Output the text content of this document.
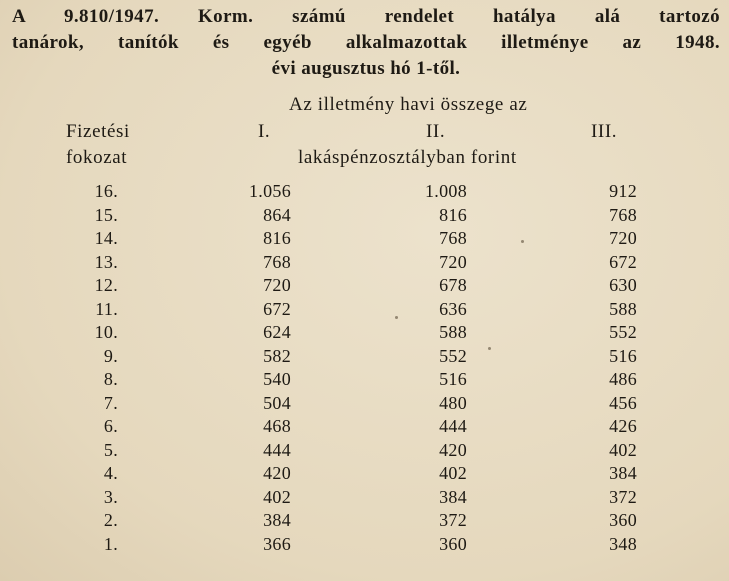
A 9.810/1947. Korm. számú rendelet hatálya alá tartozó
tanárok, tanítók és egyéb alkalmazottak illetménye az 1948.
évi augusztus hó 1-től.
Az illetmény havi összege az
Fizetési
fokozat
I.	II.	III.
lakáspénzosztályban forint
16.	1.056	1.008	912
15.	864	816	768
14.	816	768	720
13.	768	720	672
12.	720	678	630
11.	672	636	588
10.	624	588	552
9.	582	552	516
8.	540	516	486
7.	504	480	456
6.	468	444	426
5.	444	420	402
4.	420	402	384
3.	402	384	372
2.	384	372	360
1.	366	360	348
